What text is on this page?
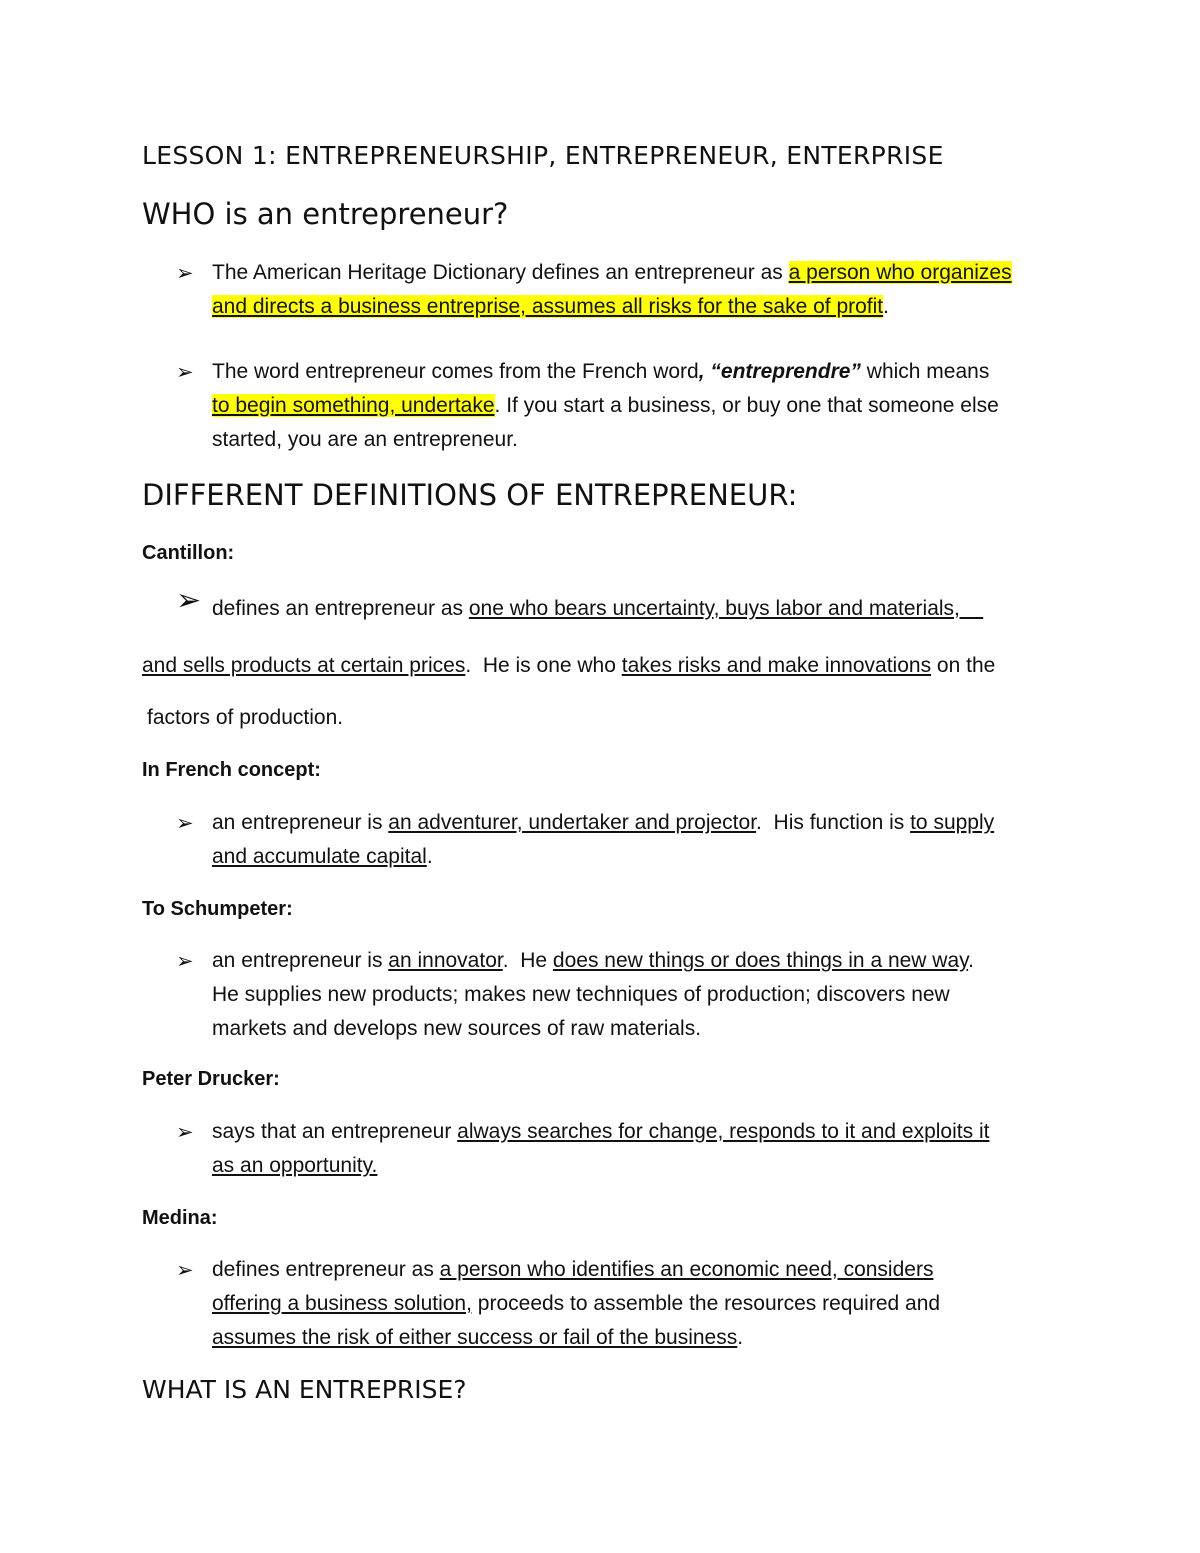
LESSON 1: ENTREPRENEURSHIP, ENTREPRENEUR, ENTERPRISE
WHO is an entrepreneur?
➢ The American Heritage Dictionary defines an entrepreneur as a person who organizes
and directs a business entreprise, assumes all risks for the sake of profit.
➢ The word entrepreneur comes from the French word, “entreprendre” which means
to begin something, undertake. If you start a business, or buy one that someone else
started, you are an entrepreneur.
DIFFERENT DEFINITIONS OF ENTREPRENEUR:
Cantillon:
➢ defines an entrepreneur as one who bears uncertainty, buys labor and materials,
and sells products at certain prices.  He is one who takes risks and make innovations on the
factors of production.
In French concept:
➢ an entrepreneur is an adventurer, undertaker and projector.  His function is to supply
and accumulate capital.
To Schumpeter:
➢ an entrepreneur is an innovator.  He does new things or does things in a new way.
He supplies new products; makes new techniques of production; discovers new
markets and develops new sources of raw materials.
Peter Drucker:
➢ says that an entrepreneur always searches for change, responds to it and exploits it
as an opportunity.
Medina:
➢ defines entrepreneur as a person who identifies an economic need, considers
offering a business solution, proceeds to assemble the resources required and
assumes the risk of either success or fail of the business.
WHAT IS AN ENTREPRISE?
